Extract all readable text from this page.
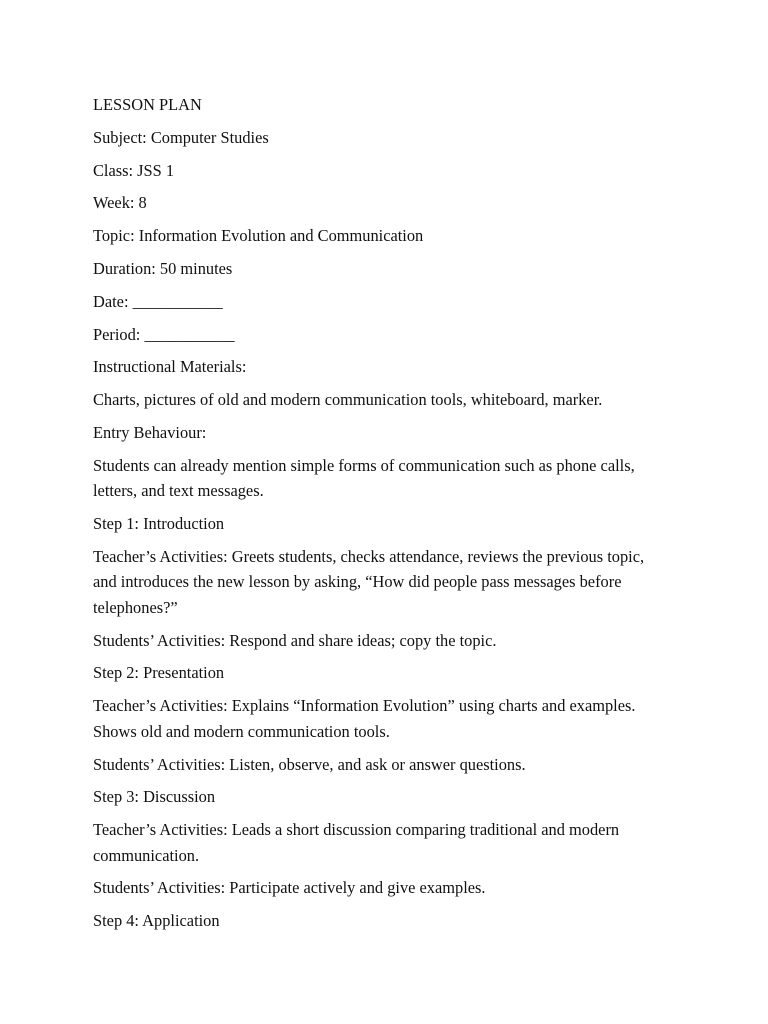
LESSON PLAN

Subject: Computer Studies

Class: JSS 1

Week: 8

Topic: Information Evolution and Communication

Duration: 50 minutes

Date: ___________

Period: ___________

Instructional Materials:

Charts, pictures of old and modern communication tools, whiteboard, marker.

Entry Behaviour:

Students can already mention simple forms of communication such as phone calls, letters, and text messages.

Step 1: Introduction

Teacher’s Activities: Greets students, checks attendance, reviews the previous topic, and introduces the new lesson by asking, “How did people pass messages before telephones?”

Students’ Activities: Respond and share ideas; copy the topic.

Step 2: Presentation

Teacher’s Activities: Explains “Information Evolution” using charts and examples. Shows old and modern communication tools.

Students’ Activities: Listen, observe, and ask or answer questions.

Step 3: Discussion

Teacher’s Activities: Leads a short discussion comparing traditional and modern communication.

Students’ Activities: Participate actively and give examples.

Step 4: Application
